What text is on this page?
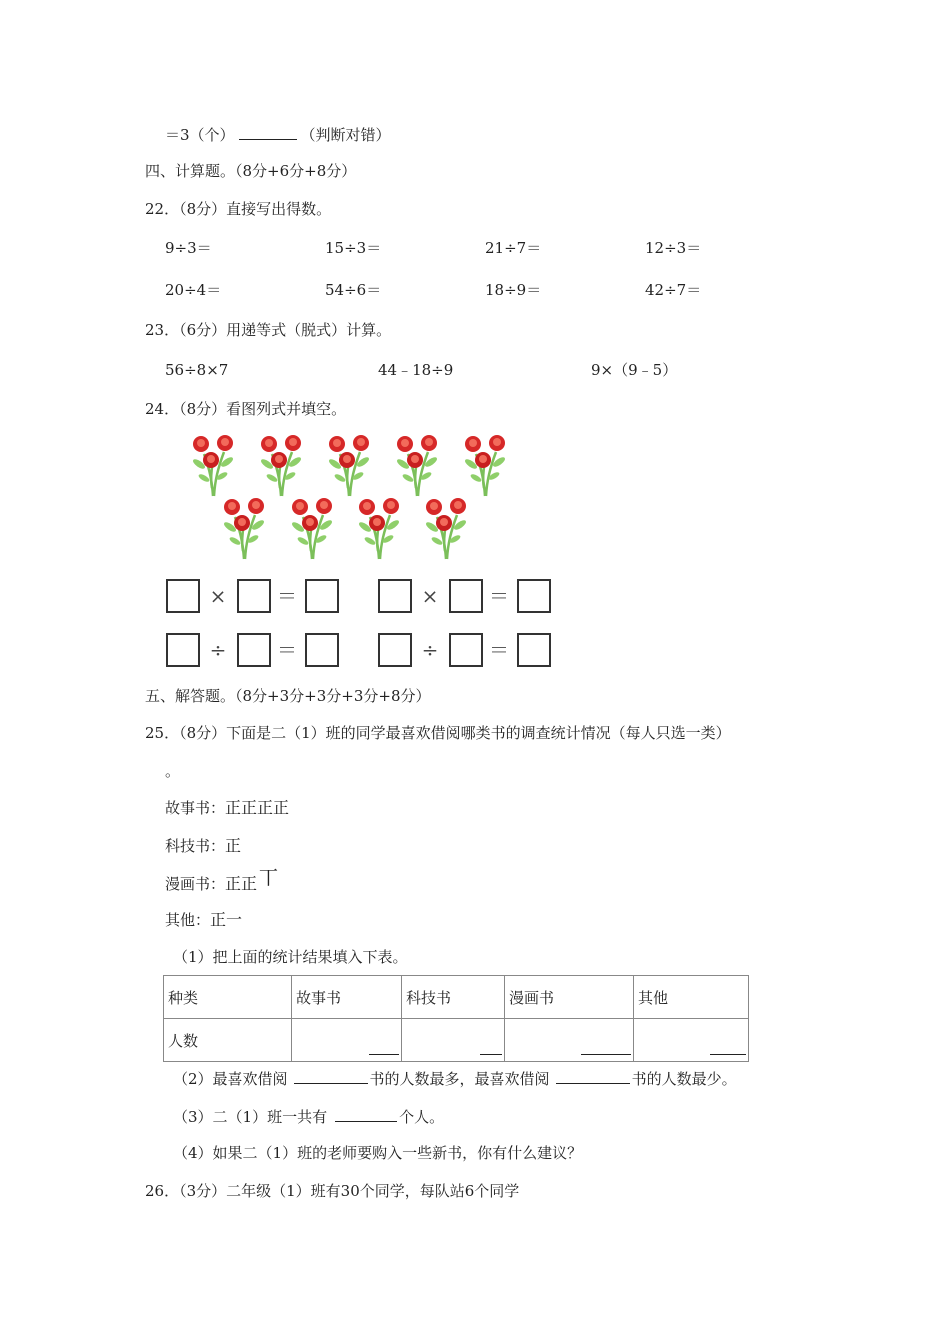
＝3（个）	（判断对错）
四、计算题。（8分+6分+8分）
22．（8分）直接写出得数。
9÷3＝	15÷3＝	21÷7＝	12÷3＝
20÷4＝	54÷6＝	18÷9＝	42÷7＝
23．（6分）用递等式（脱式）计算。
56÷8×7	44﹣18÷9	9×（9﹣5）
24．（8分）看图列式并填空。
×	＝	×	＝
÷	＝	÷	＝
五、解答题。（8分+3分+3分+3分+8分）
25．（8分）下面是二（1）班的同学最喜欢借阅哪类书的调查统计情况（每人只选一类）
。
故事书：正正正正
科技书：正
漫画书：正正 丅
其他：正一
（1）把上面的统计结果填入下表。
种类	故事书	科技书	漫画书	其他
人数	

（2）最喜欢借阅	书的人数最多，最喜欢借阅	书的人数最少。
（3）二（1）班一共有	个人。
（4）如果二（1）班的老师要购入一些新书，你有什么建议？
26．（3分）二年级（1）班有30个同学，每队站6个同学
